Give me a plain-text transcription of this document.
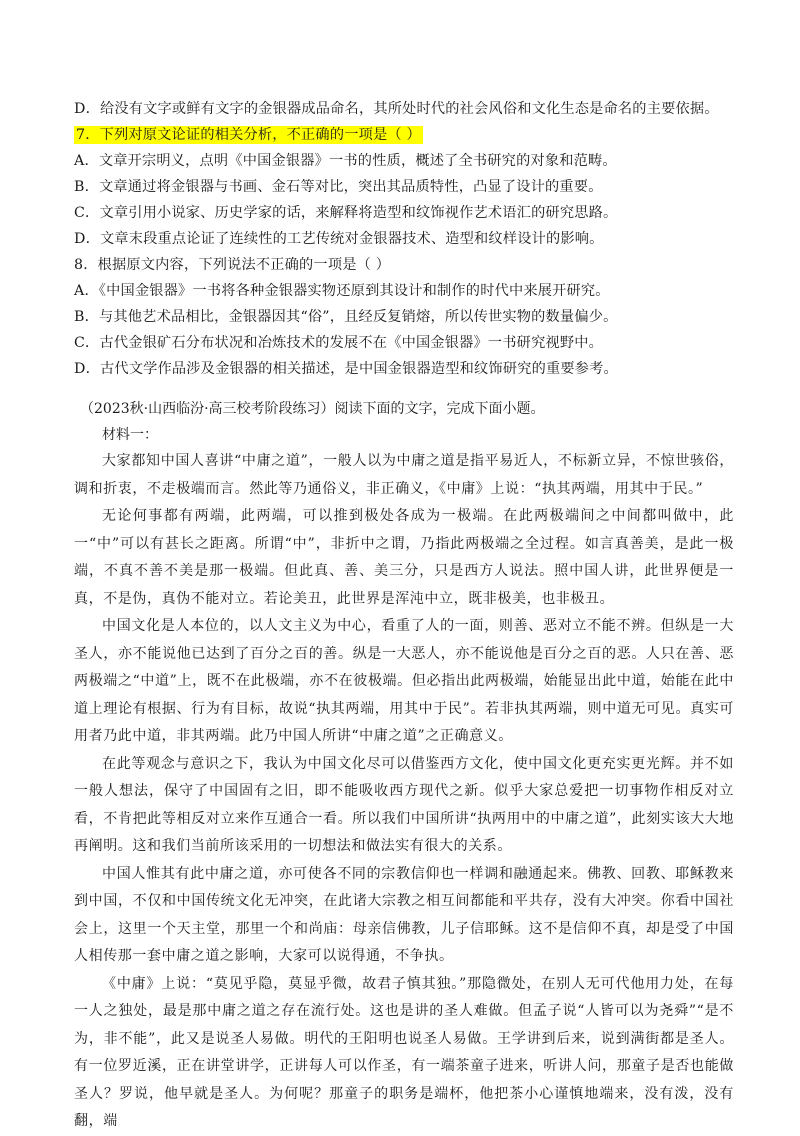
D．给没有文字或鲜有文字的金银器成品命名，其所处时代的社会风俗和文化生态是命名的主要依据。
7．下列对原文论证的相关分析，不正确的一项是（ ）
A．文章开宗明义，点明《中国金银器》一书的性质，概述了全书研究的对象和范畴。
B．文章通过将金银器与书画、金石等对比，突出其品质特性，凸显了设计的重要。
C．文章引用小说家、历史学家的话，来解释将造型和纹饰视作艺术语汇的研究思路。
D．文章末段重点论证了连续性的工艺传统对金银器技术、造型和纹样设计的影响。
8．根据原文内容，下列说法不正确的一项是（ ）
A．《中国金银器》一书将各种金银器实物还原到其设计和制作的时代中来展开研究。
B．与其他艺术品相比，金银器因其“俗”，且经反复销熔，所以传世实物的数量偏少。
C．古代金银矿石分布状况和冶炼技术的发展不在《中国金银器》一书研究视野中。
D．古代文学作品涉及金银器的相关描述，是中国金银器造型和纹饰研究的重要参考。
（2023秋·山西临汾·高三校考阶段练习）阅读下面的文字，完成下面小题。
材料一：

大家都知中国人喜讲“中庸之道”，一般人以为中庸之道是指平易近人，不标新立异，不惊世骇俗，调和折衷，不走极端而言。然此等乃通俗义，非正确义，《中庸》上说：“执其两端，用其中于民。”

无论何事都有两端，此两端，可以推到极处各成为一极端。在此两极端间之中间都叫做中，此一“中”可以有甚长之距离。所谓“中”，非折中之谓，乃指此两极端之全过程。如言真善美，是此一极端，不真不善不美是那一极端。但此真、善、美三分，只是西方人说法。照中国人讲，此世界便是一真，不是伪，真伪不能对立。若论美丑，此世界是浑沌中立，既非极美，也非极丑。

中国文化是人本位的，以人文主义为中心，看重了人的一面，则善、恶对立不能不辨。但纵是一大圣人，亦不能说他已达到了百分之百的善。纵是一大恶人，亦不能说他是百分之百的恶。人只在善、恶两极端之“中道”上，既不在此极端，亦不在彼极端。但必指出此两极端，始能显出此中道，始能在此中道上理论有根据、行为有目标，故说“执其两端，用其中于民”。若非执其两端，则中道无可见。真实可用者乃此中道，非其两端。此乃中国人所讲“中庸之道”之正确意义。

在此等观念与意识之下，我认为中国文化尽可以借鉴西方文化，使中国文化更充实更光辉。并不如一般人想法，保守了中国固有之旧，即不能吸收西方现代之新。似乎大家总爱把一切事物作相反对立看，不肯把此等相反对立来作互通合一看。所以我们中国所讲“执两用中的中庸之道”，此刻实该大大地再阐明。这和我们当前所该采用的一切想法和做法实有很大的关系。

中国人惟其有此中庸之道，亦可使各不同的宗教信仰也一样调和融通起来。佛教、回教、耶稣教来到中国，不仅和中国传统文化无冲突，在此诸大宗教之相互间都能和平共存，没有大冲突。你看中国社会上，这里一个天主堂，那里一个和尚庙：母亲信佛教，儿子信耶稣。这不是信仰不真，却是受了中国人相传那一套中庸之道之影响，大家可以说得通，不争执。

《中庸》上说：“莫见乎隐，莫显乎微，故君子慎其独。”那隐微处，在别人无可代他用力处，在每一人之独处，最是那中庸之道之存在流行处。这也是讲的圣人难做。但孟子说“人皆可以为尧舜”“是不为，非不能”，此又是说圣人易做。明代的王阳明也说圣人易做。王学讲到后来，说到满街都是圣人。有一位罗近溪，正在讲堂讲学，正讲每人可以作圣，有一端茶童子进来，听讲人问，那童子是否也能做圣人？罗说，他早就是圣人。为何呢？那童子的职务是端杯，他把茶小心谨慎地端来，没有泼，没有翻，端
